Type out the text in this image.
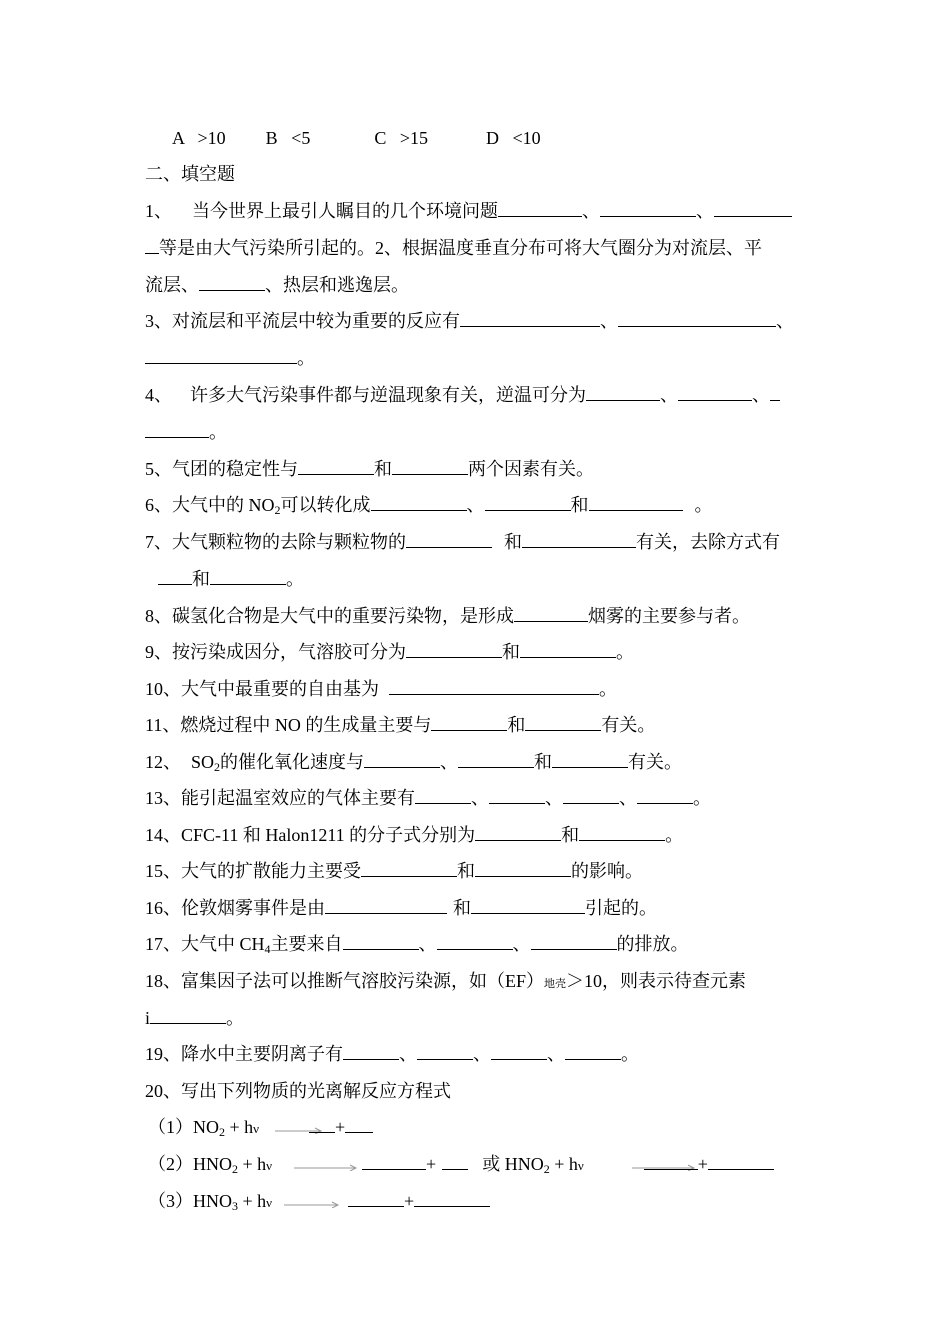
A   >10 B   <5	C   >15	D   <10
二、填空题
1、 当今世界上最引人瞩目的几个环境问题	、	、
等是由大气污染所引起的。2、根据温度垂直分布可将大气圈分为对流层、平
流层、	、热层和逃逸层。
3、对流层和平流层中较为重要的反应有	、	、
。
4、 许多大气污染事件都与逆温现象有关，逆温可分为	、	、
。
5、气团的稳定性与	和	两个因素有关。
6、大气中的 $NO_2$可以转化成	、	和	。
7、大气颗粒物的去除与颗粒物的	和	有关，去除方式有
和	。
8、碳氢化合物是大气中的重要污染物，是形成	烟雾的主要参与者。
9、按污染成因分，气溶胶可分为	和	。
10、大气中最重要的自由基为	。
11、燃烧过程中 NO 的生成量主要与	和	有关。
12、 $SO_2$的催化氧化速度与	、	和	有关。
13、能引起温室效应的气体主要有	、	、	、	。
14、CFC-11 和 Halon1211 的分子式分别为	和	。
15、大气的扩散能力主要受	和	的影响。
16、伦敦烟雾事件是由	和	引起的。
17、大气中 $CH_4$主要来自	、	、	的排放。
18、富集因子法可以推断气溶胶污染源，如（EF）地壳＞10，则表示待查元素
i	。
19、降水中主要阴离子有	、	、	、	。
20、写出下列物质的光离解反应方程式
$(1)NO_2 + h\nu$	+
$(2)HNO_2 + h\nu$	+	或 $HNO_2 + h\nu$	+
$(3)HNO_3 + h\nu$	+
